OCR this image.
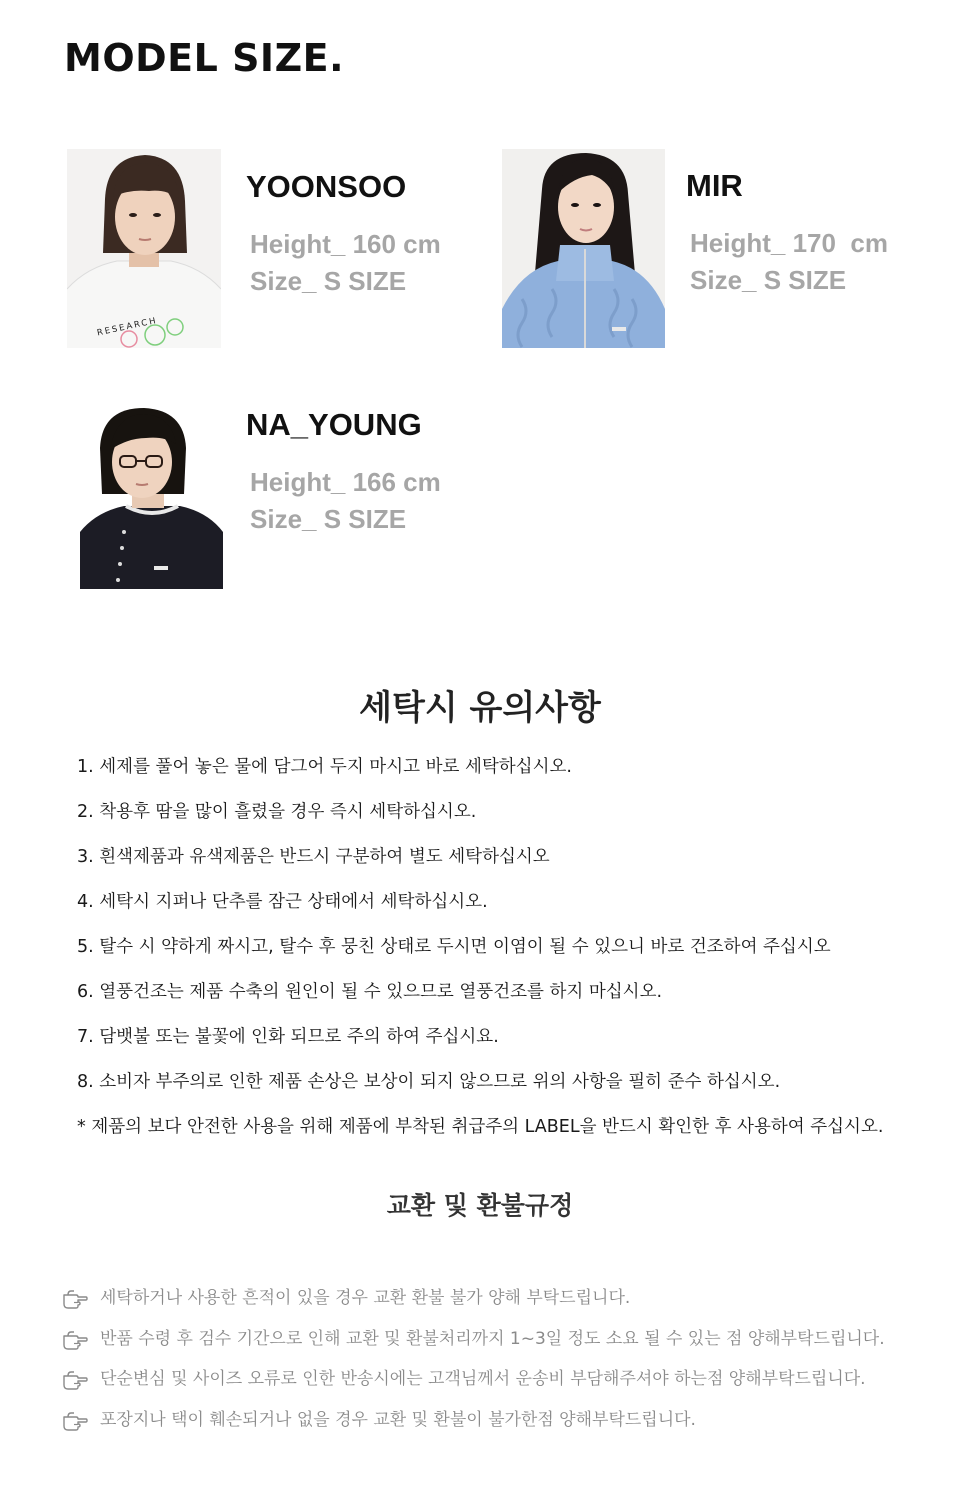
MODEL SIZE.
RESEARCH
YOONSOO

Height_ 160 cm

Size_ S SIZE

MIR

Height_ 170  cm

Size_ S SIZE

NA_YOUNG

Height_ 166 cm

Size_ S SIZE

세탁시 유의사항
1. 세제를 풀어 놓은 물에 담그어 두지 마시고 바로 세탁하십시오.
2. 착용후 땀을 많이 흘렸을 경우 즉시 세탁하십시오.
3. 흰색제품과 유색제품은 반드시 구분하여 별도 세탁하십시오
4. 세탁시 지퍼나 단추를 잠근 상태에서 세탁하십시오.
5. 탈수 시 약하게 짜시고, 탈수 후 뭉친 상태로 두시면 이염이 될 수 있으니 바로 건조하여 주십시오
6. 열풍건조는 제품 수축의 원인이 될 수 있으므로 열풍건조를 하지 마십시오.
7. 담뱃불 또는 불꽃에 인화 되므로 주의 하여 주십시요.
8. 소비자 부주의로 인한 제품 손상은 보상이 되지 않으므로 위의 사항을 필히 준수 하십시오.
* 제품의 보다 안전한 사용을 위해 제품에 부착된 취급주의 LABEL을 반드시 확인한 후 사용하여 주십시오.
교환 및 환불규정
세탁하거나 사용한 흔적이 있을 경우 교환 환불 불가 양해 부탁드립니다.
반품 수령 후 검수 기간으로 인해 교환 및 환불처리까지 1~3일 정도 소요 될 수 있는 점 양해부탁드립니다.
단순변심 및 사이즈 오류로 인한 반송시에는 고객님께서 운송비 부담해주셔야 하는점 양해부탁드립니다.
포장지나 택이 훼손되거나 없을 경우 교환 및 환불이 불가한점 양해부탁드립니다.
